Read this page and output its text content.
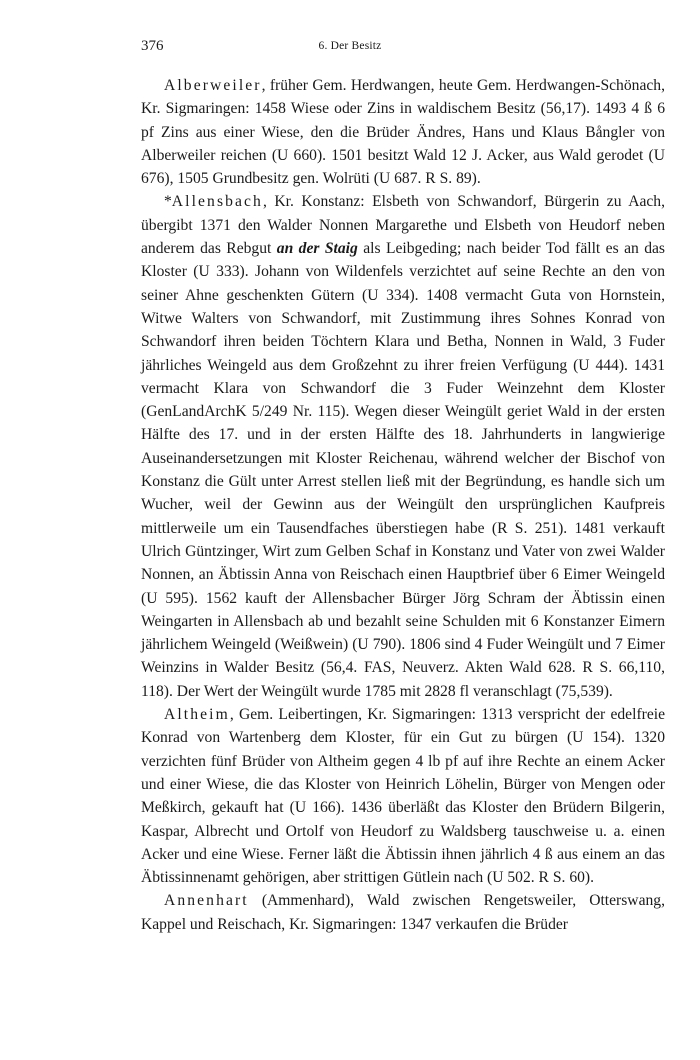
376	6. Der Besitz

Alberweiler, früher Gem. Herdwangen, heute Gem. Herdwangen-Schönach, Kr. Sigmaringen: 1458 Wiese oder Zins in waldischem Besitz (56,17). 1493 4 ß 6 pf Zins aus einer Wiese, den die Brüder Ändres, Hans und Klaus Bångler von Alberweiler reichen (U 660). 1501 besitzt Wald 12 J. Acker, aus Wald gerodet (U 676), 1505 Grundbesitz gen. Wolrüti (U 687. R S. 89).

*Allensbach, Kr. Konstanz: Elsbeth von Schwandorf, Bürgerin zu Aach, übergibt 1371 den Walder Nonnen Margarethe und Elsbeth von Heudorf neben anderem das Rebgut an der Staig als Leibgeding; nach beider Tod fällt es an das Kloster (U 333). Johann von Wildenfels verzichtet auf seine Rechte an den von seiner Ahne geschenkten Gütern (U 334). 1408 vermacht Guta von Hornstein, Witwe Walters von Schwandorf, mit Zustimmung ihres Sohnes Konrad von Schwandorf ihren beiden Töchtern Klara und Betha, Nonnen in Wald, 3 Fuder jährliches Weingeld aus dem Großzehnt zu ihrer freien Verfügung (U 444). 1431 vermacht Klara von Schwandorf die 3 Fuder Weinzehnt dem Kloster (GenLandArchK 5/249 Nr. 115). Wegen dieser Weingült geriet Wald in der ersten Hälfte des 17. und in der ersten Hälfte des 18. Jahrhunderts in langwierige Auseinandersetzungen mit Kloster Reichenau, während welcher der Bischof von Konstanz die Gült unter Arrest stellen ließ mit der Begründung, es handle sich um Wucher, weil der Gewinn aus der Weingült den ursprünglichen Kaufpreis mittlerweile um ein Tausendfaches überstiegen habe (R S. 251). 1481 verkauft Ulrich Güntzinger, Wirt zum Gelben Schaf in Konstanz und Vater von zwei Walder Nonnen, an Äbtissin Anna von Reischach einen Hauptbrief über 6 Eimer Weingeld (U 595). 1562 kauft der Allensbacher Bürger Jörg Schram der Äbtissin einen Weingarten in Allensbach ab und bezahlt seine Schulden mit 6 Konstanzer Eimern jährlichem Weingeld (Weißwein) (U 790). 1806 sind 4 Fuder Weingült und 7 Eimer Weinzins in Walder Besitz (56,4. FAS, Neuverz. Akten Wald 628. R S. 66,110, 118). Der Wert der Weingült wurde 1785 mit 2828 fl veranschlagt (75,539).

Altheim, Gem. Leibertingen, Kr. Sigmaringen: 1313 verspricht der edelfreie Konrad von Wartenberg dem Kloster, für ein Gut zu bürgen (U 154). 1320 verzichten fünf Brüder von Altheim gegen 4 lb pf auf ihre Rechte an einem Acker und einer Wiese, die das Kloster von Heinrich Löhelin, Bürger von Mengen oder Meßkirch, gekauft hat (U 166). 1436 überläßt das Kloster den Brüdern Bilgerin, Kaspar, Albrecht und Ortolf von Heudorf zu Waldsberg tauschweise u. a. einen Acker und eine Wiese. Ferner läßt die Äbtissin ihnen jährlich 4 ß aus einem an das Äbtissinnenamt gehörigen, aber strittigen Gütlein nach (U 502. R S. 60).

Annenhart (Ammenhard), Wald zwischen Rengetsweiler, Otterswang, Kappel und Reischach, Kr. Sigmaringen: 1347 verkaufen die Brüder
